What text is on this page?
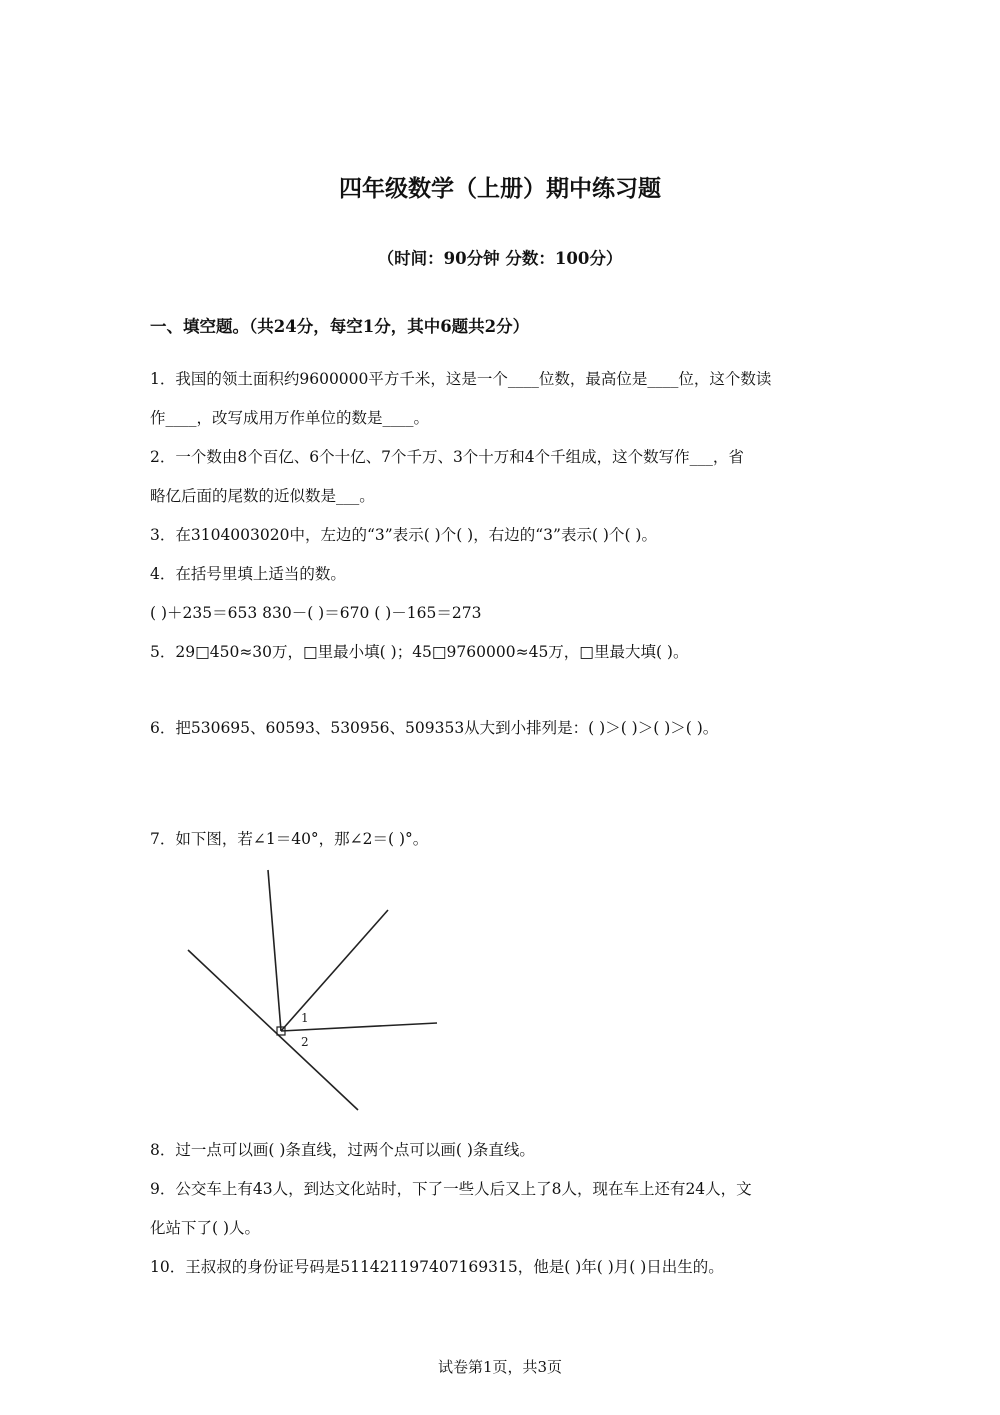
四年级数学（上册）期中练习题
（时间：90分钟 分数：100分）
一、填空题。（共24分，每空1分，其中6题共2分）
1．我国的领土面积约9600000平方千米，这是一个____位数，最高位是____位，这个数读
作____，改写成用万作单位的数是____。
2．一个数由8个百亿、6个十亿、7个千万、3个十万和4个千组成，这个数写作___，省
略亿后面的尾数的近似数是___。
3．在3104003020中，左边的“3”表示( )个( )，右边的“3”表示( )个( )。
4．在括号里填上适当的数。
( )＋235＝653 830－( )＝670 ( )－165＝273
5．29□450≈30万，□里最小填( )；45□9760000≈45万，□里最大填( )。
6．把530695、60593、530956、509353从大到小排列是：( )＞( )＞( )＞( )。
7．如下图，若∠1＝40°，那∠2＝( )°。
1
2
8．过一点可以画( )条直线，过两个点可以画( )条直线。
9．公交车上有43人，到达文化站时，下了一些人后又上了8人，现在车上还有24人，文
化站下了( )人。
10．王叔叔的身份证号码是511421197407169315，他是( )年( )月( )日出生的。
试卷第1页，共3页
